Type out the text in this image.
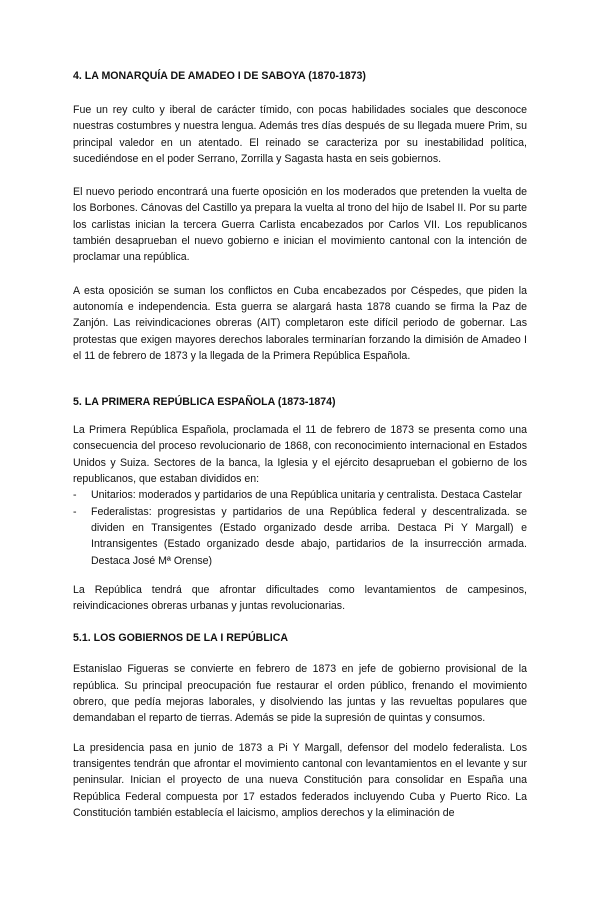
4. LA MONARQUÍA DE AMADEO I DE SABOYA (1870-1873)

Fue un rey culto y iberal de carácter tímido, con pocas habilidades sociales que desconoce nuestras costumbres y nuestra lengua. Además tres días después de su llegada muere Prim, su principal valedor en un atentado. El reinado se caracteriza por su inestabilidad política, sucediéndose en el poder Serrano, Zorrilla y Sagasta hasta en seis gobiernos.

El nuevo periodo encontrará una fuerte oposición en los moderados que pretenden la vuelta de los Borbones. Cánovas del Castillo ya prepara la vuelta al trono del hijo de Isabel II. Por su parte los carlistas inician la tercera Guerra Carlista encabezados por Carlos VII. Los republicanos también desaprueban el nuevo gobierno e inician el movimiento cantonal con la intención de proclamar una república.

A esta oposición se suman los conflictos en Cuba encabezados por Céspedes, que piden la autonomía e independencia. Esta guerra se alargará hasta 1878 cuando se firma la Paz de Zanjón. Las reivindicaciones obreras (AIT) completaron este difícil periodo de gobernar. Las protestas que exigen mayores derechos laborales terminarían forzando la dimisión de Amadeo I el 11 de febrero de 1873 y la llegada de la Primera República Española.

5. LA PRIMERA REPÚBLICA ESPAÑOLA (1873-1874)

La Primera República Española, proclamada el 11 de febrero de 1873 se presenta como una consecuencia del proceso revolucionario de 1868, con reconocimiento internacional en Estados Unidos y Suiza. Sectores de la banca, la Iglesia y el ejército desaprueban el gobierno de los republicanos, que estaban divididos en:

- Unitarios: moderados y partidarios de una República unitaria y centralista. Destaca Castelar
- Federalistas: progresistas y partidarios de una República federal y descentralizada. se dividen en Transigentes (Estado organizado desde arriba. Destaca Pi Y Margall) e Intransigentes (Estado organizado desde abajo, partidarios de la insurrección armada. Destaca José Mª Orense)

La República tendrá que afrontar dificultades como levantamientos de campesinos, reivindicaciones obreras urbanas y juntas revolucionarias.

5.1. LOS GOBIERNOS DE LA I REPÚBLICA

Estanislao Figueras se convierte en febrero de 1873 en jefe de gobierno provisional de la república. Su principal preocupación fue restaurar el orden público, frenando el movimiento obrero, que pedía mejoras laborales, y disolviendo las juntas y las revueltas populares que demandaban el reparto de tierras. Además se pide la supresión de quintas y consumos.

La presidencia pasa en junio de 1873 a Pi Y Margall, defensor del modelo federalista. Los transigentes tendrán que afrontar el movimiento cantonal con levantamientos en el levante y sur peninsular. Inician el proyecto de una nueva Constitución para consolidar en España una República Federal compuesta por 17 estados federados incluyendo Cuba y Puerto Rico. La Constitución también establecía el laicismo, amplios derechos y la eliminación de
